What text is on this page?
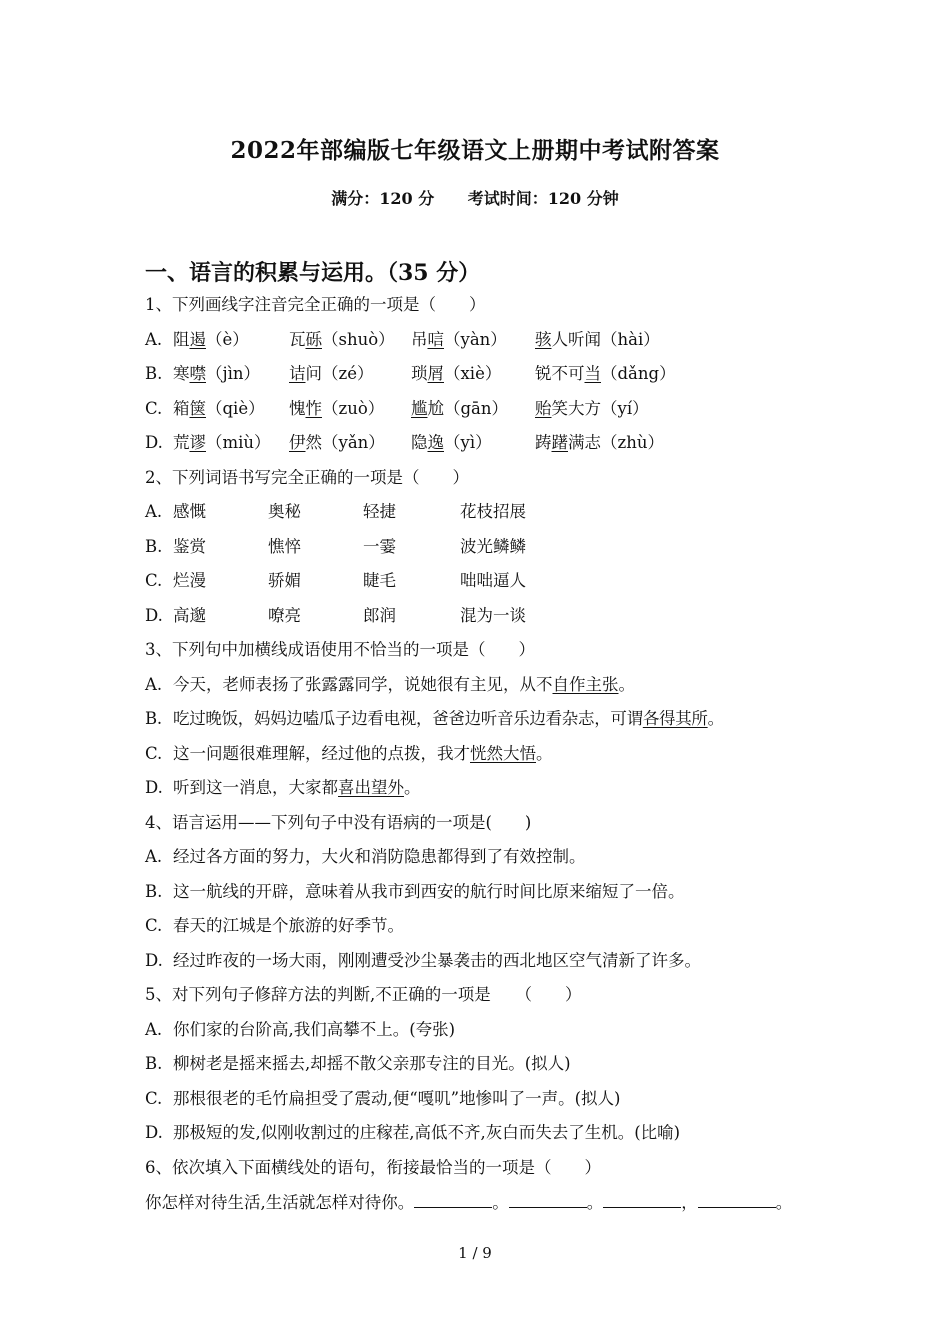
2022年部编版七年级语文上册期中考试附答案
满分：120 分 考试时间：120 分钟
一、语言的积累与运用。（35 分）
1、下列画线字注音完全正确的一项是（　　）
A. 阻遏（è） 瓦砾（shuò） 吊唁（yàn） 骇人听闻（hài）
B. 寒噤（jìn） 诘问（zé） 琐屑（xiè） 锐不可当（dǎng）
C. 箱箧（qiè） 愧怍（zuò） 尴尬（gān） 贻笑大方（yí）
D. 荒谬（miù） 伊然（yǎn） 隐逸（yì）	踌躇满志（zhù）
2、下列词语书写完全正确的一项是（　　）
A. 感慨	奥秘	轻捷	花枝招展
B. 鉴赏	憔悴	一霎	波光鳞鳞
C. 烂漫	骄媚	睫毛	咄咄逼人
D. 高邈	嘹亮	郎润	混为一谈
3、下列句中加横线成语使用不恰当的一项是（　　）
A. 今天，老师表扬了张露露同学，说她很有主见，从不自作主张。
B. 吃过晚饭，妈妈边嗑瓜子边看电视，爸爸边听音乐边看杂志，可谓各得其所。
C. 这一问题很难理解，经过他的点拨，我才恍然大悟。
D. 听到这一消息，大家都喜出望外。
4、语言运用——下列句子中没有语病的一项是(　　)
A. 经过各方面的努力，大火和消防隐患都得到了有效控制。
B. 这一航线的开辟，意味着从我市到西安的航行时间比原来缩短了一倍。
C. 春天的江城是个旅游的好季节。
D. 经过昨夜的一场大雨，刚刚遭受沙尘暴袭击的西北地区空气清新了许多。
5、对下列句子修辞方法的判断,不正确的一项是　　（　　）
A. 你们家的台阶高,我们高攀不上。(夸张)
B. 柳树老是摇来摇去,却摇不散父亲那专注的目光。(拟人)
C. 那根很老的毛竹扁担受了震动,便“嘎叽”地惨叫了一声。(拟人)
D. 那极短的发,似刚收割过的庄稼茬,高低不齐,灰白而失去了生机。(比喻)
6、依次填入下面横线处的语句，衔接最恰当的一项是（　　）
你怎样对待生活,生活就怎样对待你。	。	。	，	。
1 / 9
